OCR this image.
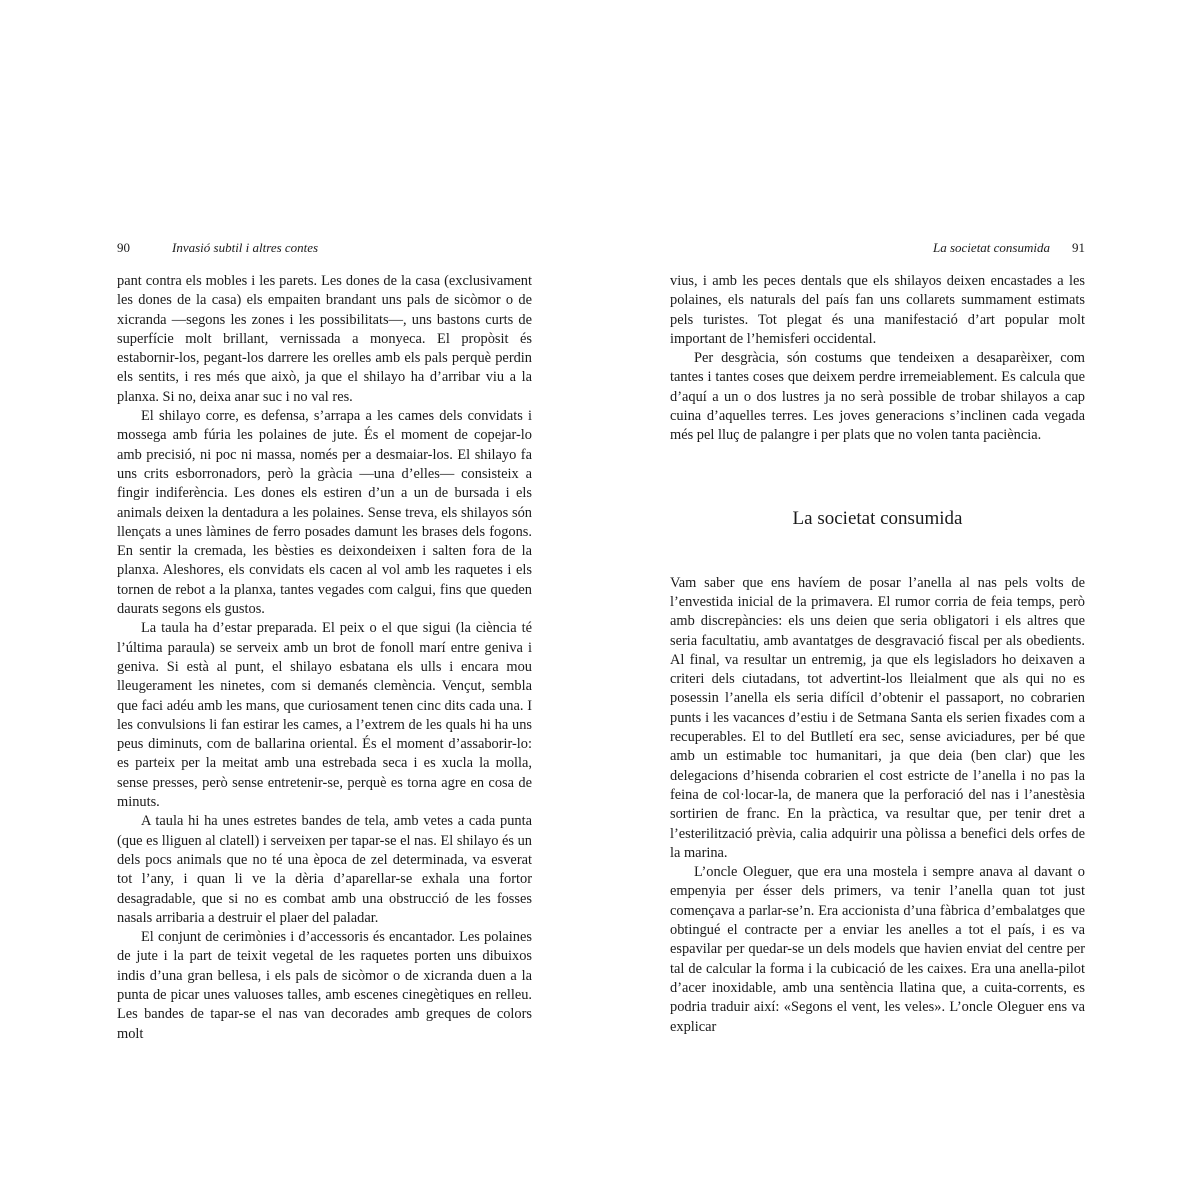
90	Invasió subtil i altres contes

pant contra els mobles i les parets. Les dones de la casa (exclusivament les dones de la casa) els empaiten brandant uns pals de sicòmor o de xicranda —segons les zones i les possibilitats—, uns bastons curts de superfície molt brillant, vernissada a monyeca. El propòsit és estabornir-los, pegant-los darrere les orelles amb els pals perquè perdin els sentits, i res més que això, ja que el shilayo ha d’arribar viu a la planxa. Si no, deixa anar suc i no val res.

El shilayo corre, es defensa, s’arrapa a les cames dels convidats i mossega amb fúria les polaines de jute. És el moment de copejar-lo amb precisió, ni poc ni massa, només per a desmaiar-los. El shilayo fa uns crits esborronadors, però la gràcia —una d’elles— consisteix a fingir indiferència. Les dones els estiren d’un a un de bursada i els animals deixen la dentadura a les polaines. Sense treva, els shilayos són llençats a unes làmines de ferro posades damunt les brases dels fogons. En sentir la cremada, les bèsties es deixondeixen i salten fora de la planxa. Aleshores, els convidats els cacen al vol amb les raquetes i els tornen de rebot a la planxa, tantes vegades com calgui, fins que queden daurats segons els gustos.

La taula ha d’estar preparada. El peix o el que sigui (la ciència té l’última paraula) se serveix amb un brot de fonoll marí entre geniva i geniva. Si està al punt, el shilayo esbatana els ulls i encara mou lleugerament les ninetes, com si demanés clemència. Vençut, sembla que faci adéu amb les mans, que curiosament tenen cinc dits cada una. I les convulsions li fan estirar les cames, a l’extrem de les quals hi ha uns peus diminuts, com de ballarina oriental. És el moment d’assaborir-lo: es parteix per la meitat amb una estrebada seca i es xucla la molla, sense presses, però sense entretenir-se, perquè es torna agre en cosa de minuts.

A taula hi ha unes estretes bandes de tela, amb vetes a cada punta (que es lliguen al clatell) i serveixen per tapar-se el nas. El shilayo és un dels pocs animals que no té una època de zel determinada, va esverat tot l’any, i quan li ve la dèria d’aparellar-se exhala una fortor desagradable, que si no es combat amb una obstrucció de les fosses nasals arribaria a destruir el plaer del paladar.

El conjunt de cerimònies i d’accessoris és encantador. Les polaines de jute i la part de teixit vegetal de les raquetes porten uns dibuixos indis d’una gran bellesa, i els pals de sicòmor o de xicranda duen a la punta de picar unes valuoses talles, amb escenes cinegètiques en relleu. Les bandes de tapar-se el nas van decorades amb greques de colors molt

La societat consumida 91

vius, i amb les peces dentals que els shilayos deixen encastades a les polaines, els naturals del país fan uns collarets summament estimats pels turistes. Tot plegat és una manifestació d’art popular molt important de l’hemisferi occidental.

Per desgràcia, són costums que tendeixen a desaparèixer, com tantes i tantes coses que deixem perdre irremeiablement. Es calcula que d’aquí a un o dos lustres ja no serà possible de trobar shilayos a cap cuina d’aquelles terres. Les joves generacions s’inclinen cada vegada més pel lluç de palangre i per plats que no volen tanta paciència.

La societat consumida

Vam saber que ens havíem de posar l’anella al nas pels volts de l’envestida inicial de la primavera. El rumor corria de feia temps, però amb discrepàncies: els uns deien que seria obligatori i els altres que seria facultatiu, amb avantatges de desgravació fiscal per als obedients. Al final, va resultar un entremig, ja que els legisladors ho deixaven a criteri dels ciutadans, tot advertint-los lleialment que als qui no es posessin l’anella els seria difícil d’obtenir el passaport, no cobrarien punts i les vacances d’estiu i de Setmana Santa els serien fixades com a recuperables. El to del Butlletí era sec, sense aviciadures, per bé que amb un estimable toc humanitari, ja que deia (ben clar) que les delegacions d’hisenda cobrarien el cost estricte de l’anella i no pas la feina de col·locar-la, de manera que la perforació del nas i l’anestèsia sortirien de franc. En la pràctica, va resultar que, per tenir dret a l’esterilització prèvia, calia adquirir una pòlissa a benefici dels orfes de la marina.

L’oncle Oleguer, que era una mostela i sempre anava al davant o empenyia per ésser dels primers, va tenir l’anella quan tot just començava a parlar-se’n. Era accionista d’una fàbrica d’embalatges que obtingué el contracte per a enviar les anelles a tot el país, i es va espavilar per quedar-se un dels models que havien enviat del centre per tal de calcular la forma i la cubicació de les caixes. Era una anella-pilot d’acer inoxidable, amb una sentència llatina que, a cuita-corrents, es podria traduir així: «Segons el vent, les veles». L’oncle Oleguer ens va explicar
